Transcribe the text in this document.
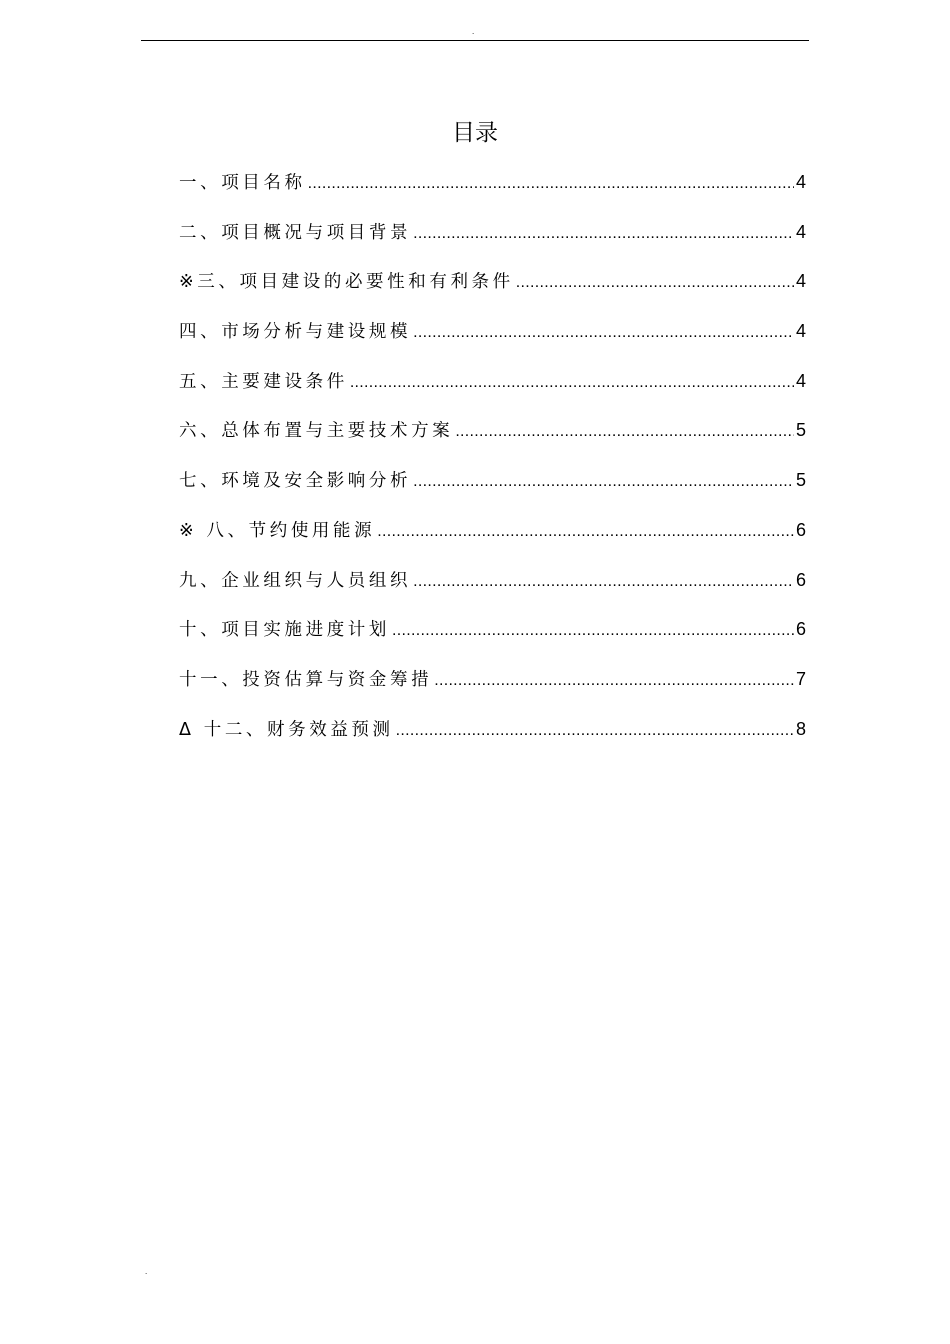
.
目录
一、项目名称 .....	4
二、项目概况与项目背景 .....	4
※三、项目建设的必要性和有利条件 .....	4
四、市场分析与建设规模 .....	4
五、主要建设条件 .....	4
六、总体布置与主要技术方案 .....	5
七、环境及安全影响分析 .....	5
※ 八、节约使用能源 .....	6
九、企业组织与人员组织 .....	6
十、项目实施进度计划 .....	6
十一、投资估算与资金筹措 .....	7
Δ 十二、财务效益预测 .....	8
.
